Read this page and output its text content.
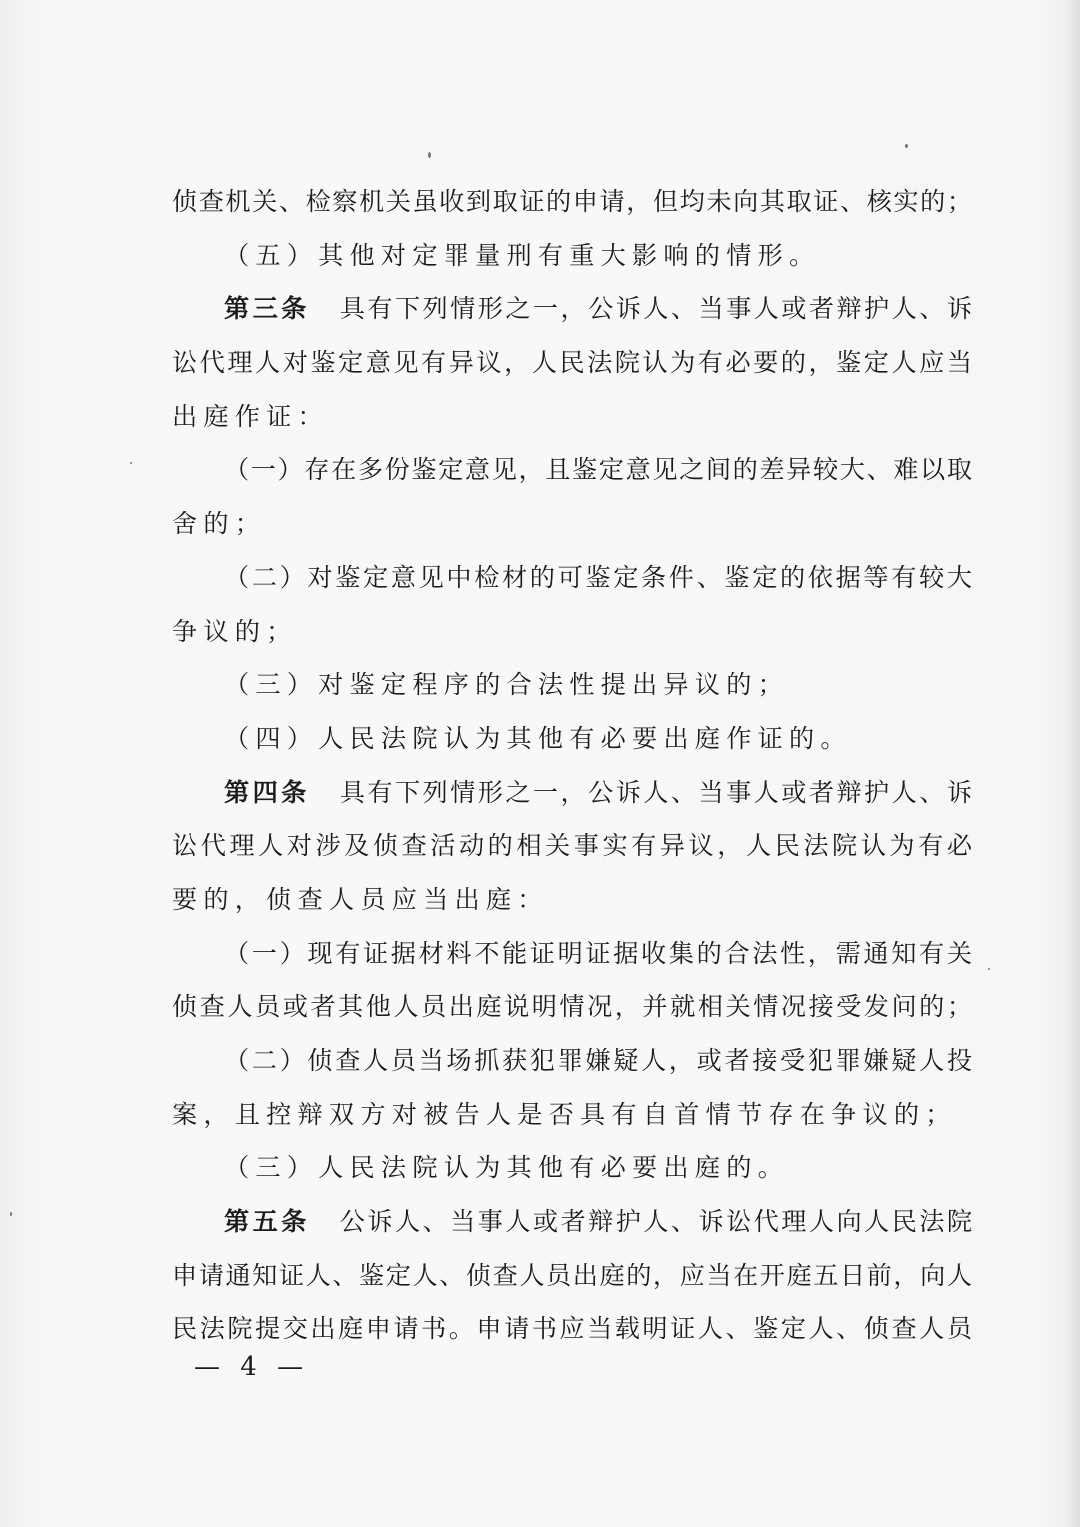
侦查机关、检察机关虽收到取证的申请，但均未向其取证、核实的；
（五）其他对定罪量刑有重大影响的情形。
第三条 具有下列情形之一，公诉人、当事人或者辩护人、诉
讼代理人对鉴定意见有异议，人民法院认为有必要的，鉴定人应当
出庭作证：
（一）存在多份鉴定意见，且鉴定意见之间的差异较大、难以取
舍的；
（二）对鉴定意见中检材的可鉴定条件、鉴定的依据等有较大
争议的；
（三）对鉴定程序的合法性提出异议的；
（四）人民法院认为其他有必要出庭作证的。
第四条 具有下列情形之一，公诉人、当事人或者辩护人、诉
讼代理人对涉及侦查活动的相关事实有异议，人民法院认为有必
要的，侦查人员应当出庭：
（一）现有证据材料不能证明证据收集的合法性，需通知有关
侦查人员或者其他人员出庭说明情况，并就相关情况接受发问的；
（二）侦查人员当场抓获犯罪嫌疑人，或者接受犯罪嫌疑人投
案，且控辩双方对被告人是否具有自首情节存在争议的；
（三）人民法院认为其他有必要出庭的。
第五条 公诉人、当事人或者辩护人、诉讼代理人向人民法院
申请通知证人、鉴定人、侦查人员出庭的，应当在开庭五日前，向人
民法院提交出庭申请书。申请书应当载明证人、鉴定人、侦查人员
— 4 —
